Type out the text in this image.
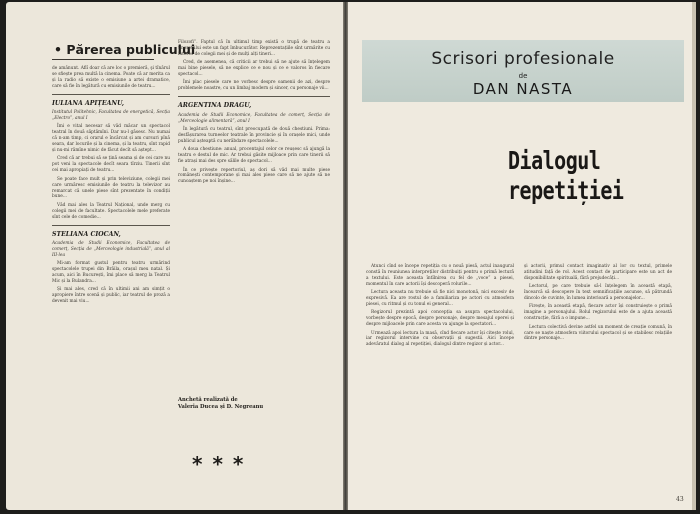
• Părerea publicului

de amănunt. Aflî doar că are loc o premieră, şi tînărul se sfiește prea multă la cinema. Poate că ar merita ca și la radio să existe o emisiune a artei dramatice, care să fie în legătură cu emisiunile de teatru...

IULIANA APIȚEANU,

Institutul Politehnic, Facultatea de energetică, Secția „Electro”, anul I

Îmi e vital necesar să văd măcar un spectacol teatral în două săptămîni. Dar nu-l găsesc. Nu numai că n-am timp, ci orarul e încărcat și am cursuri pînă seara, dar locurile și la cinema, și la teatru, sînt rapid și nu-mi rămîne nimic de făcut decît să aștept...

Cred că ar trebui să se țină seama și de cei care nu pot veni la spectacole decît seara tîrziu. Tinerii sînt cei mai apropiați de teatru...

Se poate face mult și prin televiziune, colegii mei care urmăresc emisiunile de teatru la televizor au remarcat că unele piese sînt prezentate în condiții bune...

Văd mai ales la Teatrul Național, unde merg cu colegii mei de facultate. Spectacolele mele preferate sînt cele de comedie...

STELIANA CIOCAN,

Academia de Studii Economice, Facultatea de comerț, Secția de „Merceologie industrială”, anul al III-lea

Mi-am format gustul pentru teatru urmărind spectacolele trupei din Brăila, orașul meu natal. Și acum, aici în București, îmi place să merg la Teatrul Mic și la Bulandra...

Și mai ales, cred că în ultimii ani am simțit o apropiere între scenă și public, iar teatrul de proză a devenit mai viu...

Filozofi”. Faptul că în ultimul timp există o trupă de teatru a tineretului este un fapt îmbucurător. Reprezentațiile sînt urmărite cu interes de colegii mei și de mulți alți tineri...

Cred, de asemenea, că criticii ar trebui să ne ajute să înțelegem mai bine piesele, să ne explice ce e nou și ce e valoros în fiecare spectacol...

Îmi plac piesele care ne vorbesc despre oamenii de azi, despre problemele noastre, cu un limbaj modern și sincer, cu personaje vii...

ARGENTINA DRAGU,

Academia de Studii Economice, Facultatea de comerț, Secția de „Merceologie alimentară”, anul I

În legătură cu teatrul, sînt preocupată de două chestiuni. Prima: desfășurarea turneelor teatrale în provincie și în orașele mici, unde publicul așteaptă cu nerăbdare spectacolele...

A doua chestiune: anual, procentajul celor ce reușesc să ajungă la teatru e destul de mic. Ar trebui găsite mijloace prin care tinerii să fie atrași mai des spre sălile de spectacol...

În ce privește repertoriul, aș dori să văd mai multe piese românești contemporane și mai ales piese care să ne ajute să ne cunoaștem pe noi înșine...

Anchetă realizată de
Valeria Ducea și D. Negreanu
***
Scrisori profesionale
de
DAN NASTA
Dialogul repetiției

Atunci cînd se începe repetiția cu o nouă piesă, actul inaugural constă în reuniunea interpreților distribuiți pentru o primă lectură a textului. Este aceasta întîlnirea cu fel de „voce” a piesei, momentul în care actorii își descoperă rolurile...

Lectura aceasta nu trebuie să fie nici monotonă, nici excesiv de expresivă. Ea are rostul de a familiariza pe actori cu atmosfera piesei, cu ritmul și cu tonul ei general...

Regizorul prezintă apoi concepția sa asupra spectacolului, vorbește despre epocă, despre personaje, despre mesajul operei și despre mijloacele prin care acesta va ajunge la spectatori...

Urmează apoi lectura la masă, cînd fiecare actor își citește rolul, iar regizorul intervine cu observații și sugestii. Aici începe adevăratul dialog al repetiției, dialogul dintre regizor și actor...

și actorii, primul contact imaginativ al lor cu textul, primele atitudini față de rol. Acest contact de participare este un act de disponibilitate spirituală, fără prejudecăți...

Lectorul, pe care trebuie să-l înțelegem în această etapă, încearcă să descopere în text semnificațiile ascunse, să pătrundă dincolo de cuvinte, în lumea interioară a personajelor...

Firește, în această etapă, fiecare actor își construiește o primă imagine a personajului. Rolul regizorului este de a ajuta această construcție, fără a o impune...

Lectura colectivă devine astfel un moment de creație comună, în care se naște atmosfera viitorului spectacol și se stabilesc relațiile dintre personaje...

43
